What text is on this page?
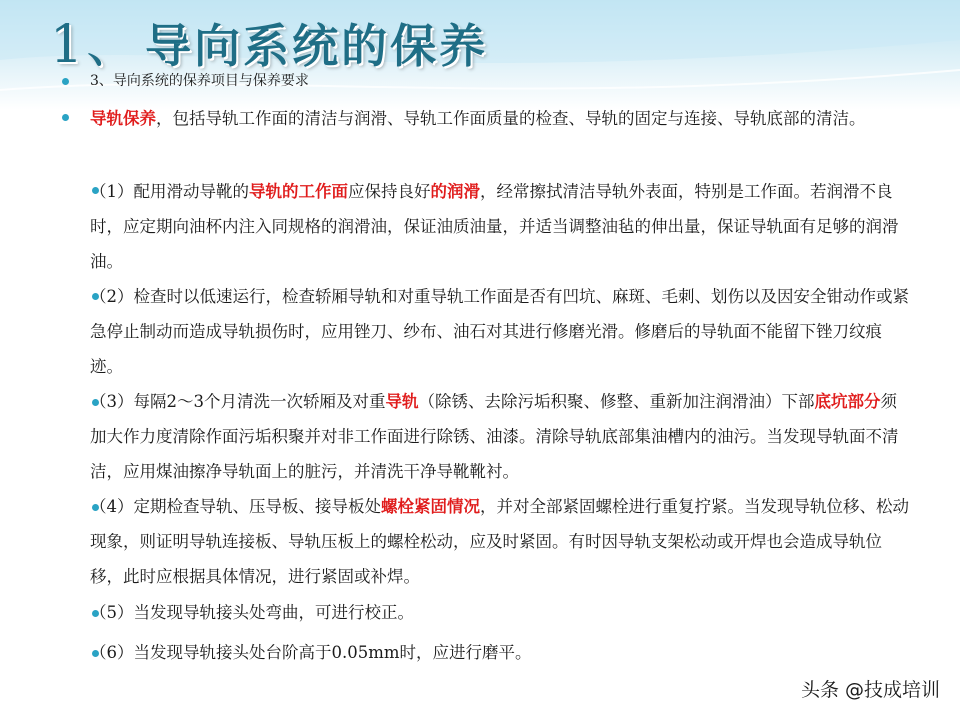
1、导向系统的保养
3、导向系统的保养项目与保养要求
导轨保养，包括导轨工作面的清洁与润滑、导轨工作面质量的检查、导轨的固定与连接、导轨底部的清洁。
（1）配用滑动导靴的导轨的工作面应保持良好的润滑，经常擦拭清洁导轨外表面，特别是工作面。若润滑不良时，应定期向油杯内注入同规格的润滑油，保证油质油量，并适当调整油毡的伸出量，保证导轨面有足够的润滑油。
（2）检查时以低速运行，检查轿厢导轨和对重导轨工作面是否有凹坑、麻斑、毛刺、划伤以及因安全钳动作或紧急停止制动而造成导轨损伤时，应用锉刀、纱布、油石对其进行修磨光滑。修磨后的导轨面不能留下锉刀纹痕迹。
（3）每隔2～3个月清洗一次轿厢及对重导轨（除锈、去除污垢积聚、修整、重新加注润滑油）下部底坑部分须加大作力度清除作面污垢积聚并对非工作面进行除锈、油漆。清除导轨底部集油槽内的油污。当发现导轨面不清洁，应用煤油擦净导轨面上的脏污，并清洗干净导靴靴衬。
（4）定期检查导轨、压导板、接导板处螺栓紧固情况，并对全部紧固螺栓进行重复拧紧。当发现导轨位移、松动现象，则证明导轨连接板、导轨压板上的螺栓松动，应及时紧固。有时因导轨支架松动或开焊也会造成导轨位移，此时应根据具体情况，进行紧固或补焊。
（5）当发现导轨接头处弯曲，可进行校正。
（6）当发现导轨接头处台阶高于0.05mm时，应进行磨平。
头条 @技成培训
